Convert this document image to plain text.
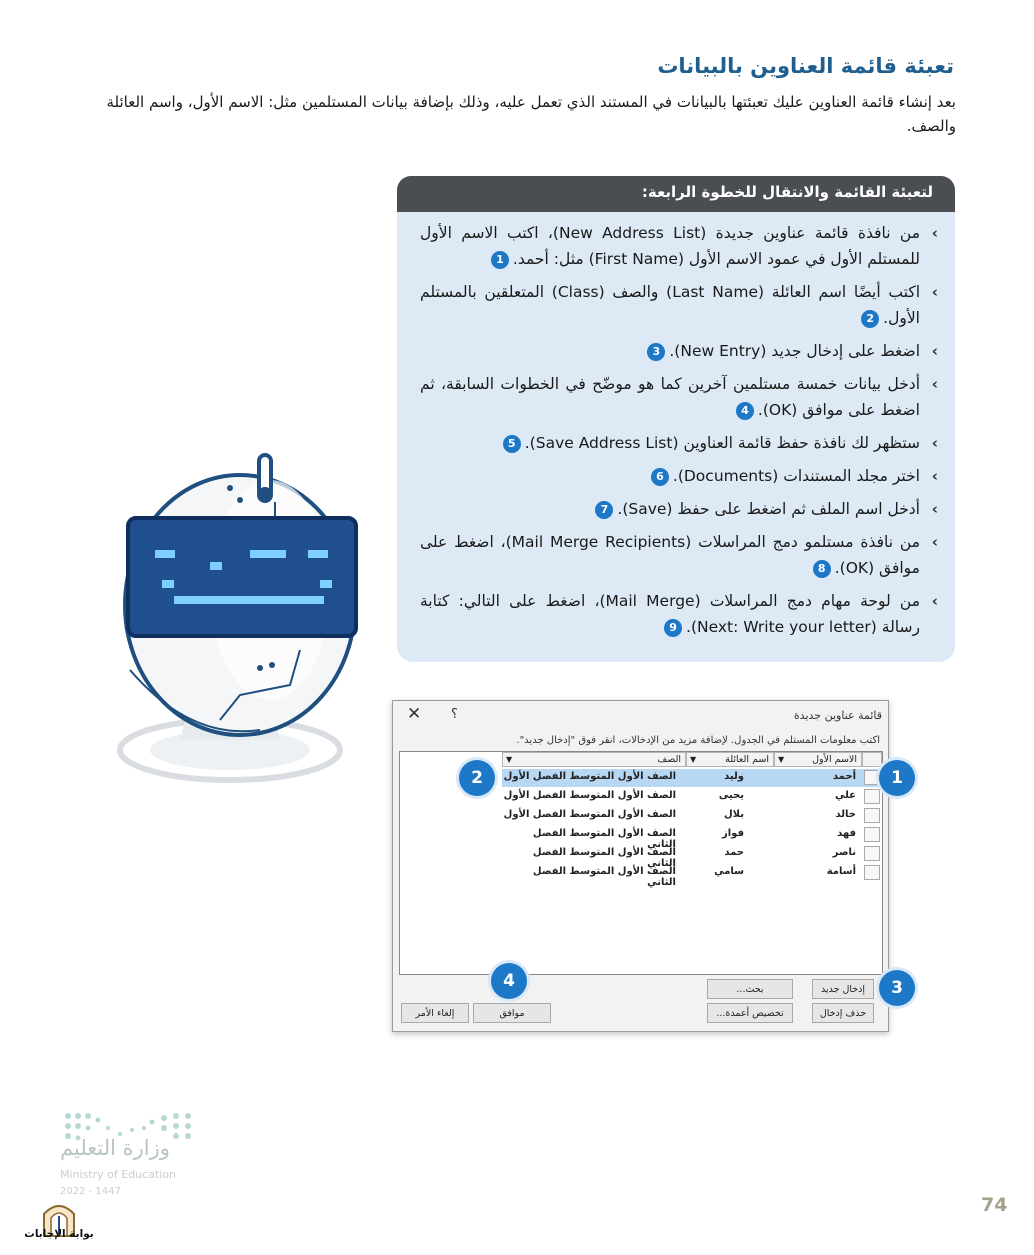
تعبئة قائمة العناوين بالبيانات
بعد إنشاء قائمة العناوين عليك تعبئتها بالبيانات في المستند الذي تعمل عليه، وذلك بإضافة بيانات المستلمين مثل: الاسم الأول، واسم العائلة والصف.
لتعبئة القائمة والانتقال للخطوة الرابعة:
› من نافذة قائمة عناوين جديدة (New Address List)، اكتب الاسم الأول للمستلم الأول في عمود الاسم الأول (First Name) مثل: أحمد.1
› اكتب أيضًا اسم العائلة (Last Name) والصف (Class) المتعلقين بالمستلم الأول.2
› اضغط على إدخال جديد (New Entry).3
› أدخل بيانات خمسة مستلمين آخرين كما هو موضّح في الخطوات السابقة، ثم اضغط على موافق (OK).4
› ستظهر لك نافذة حفظ قائمة العناوين (Save Address List).5
› اختر مجلد المستندات (Documents).6
› أدخل اسم الملف ثم اضغط على حفظ (Save).7
› من نافذة مستلمو دمج المراسلات (Mail Merge Recipients)، اضغط على موافق (OK).8
› من لوحة مهام دمج المراسلات (Mail Merge)، اضغط على التالي: كتابة رسالة (Next: Write your letter).9
قائمة عناوين جديدة
؟
✕
اكتب معلومات المستلم في الجدول. لإضافة مزيد من الإدخالات، انقر فوق "إدخال جديد".
الاسم الأول
▼
اسم العائلة
▼
الصف
▼
أحمد
وليد
الصف الأول المتوسط الفصل الأول
علي
يحيى
الصف الأول المتوسط الفصل الأول
خالد
بلال
الصف الأول المتوسط الفصل الأول
فهد
فواز
الصف الأول المتوسط الفصل الثاني
ناصر
حمد
الصف الأول المتوسط الفصل الثاني
أسامة
سامي
الصف الأول المتوسط الفصل الثاني
إدخال جديد
بحث...
حذف إدخال
تخصيص أعمدة...
موافق
إلغاء الأمر
1
2
3
4
وزارة التعليم
Ministry of Education
2022 - 1447
74
بوابة الإجابات
